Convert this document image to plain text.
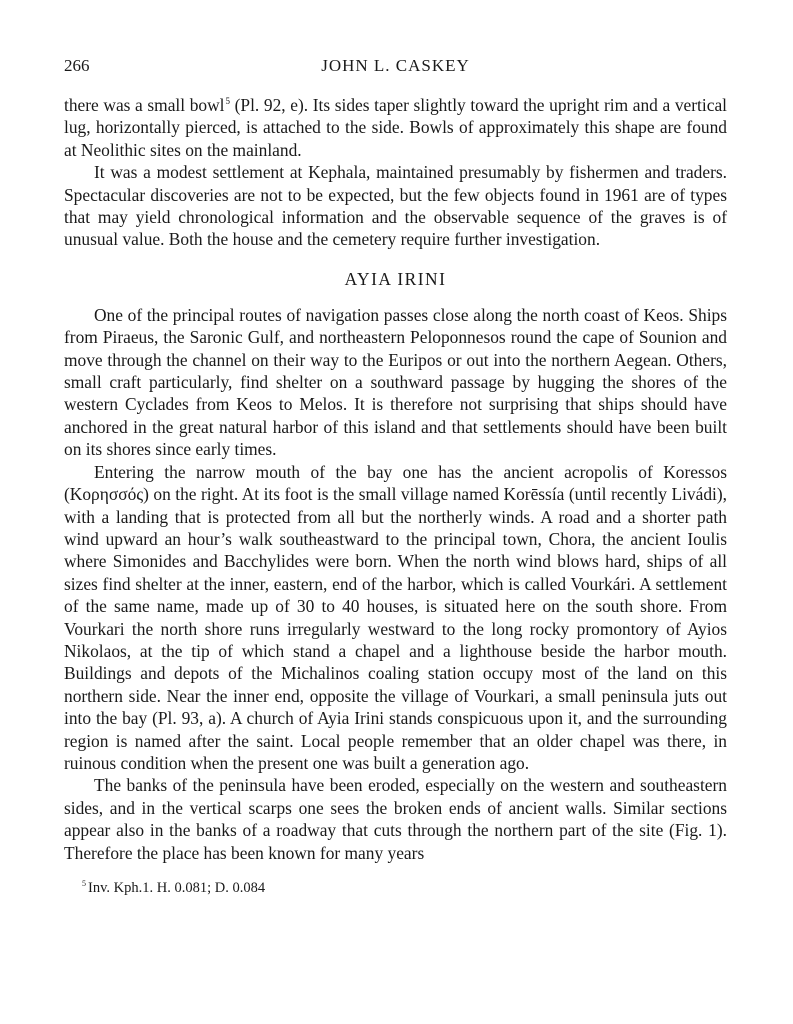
266	JOHN L. CASKEY

there was a small bowl$^5$ (Pl. 92, e). Its sides taper slightly toward the upright rim and a vertical lug, horizontally pierced, is attached to the side. Bowls of approximately this shape are found at Neolithic sites on the mainland.

It was a modest settlement at Kephala, maintained presumably by fishermen and traders. Spectacular discoveries are not to be expected, but the few objects found in 1961 are of types that may yield chronological information and the observable sequence of the graves is of unusual value. Both the house and the cemetery require further investigation.

AYIA IRINI

One of the principal routes of navigation passes close along the north coast of Keos. Ships from Piraeus, the Saronic Gulf, and northeastern Peloponnesos round the cape of Sounion and move through the channel on their way to the Euripos or out into the northern Aegean. Others, small craft particularly, find shelter on a southward passage by hugging the shores of the western Cyclades from Keos to Melos. It is therefore not surprising that ships should have anchored in the great natural harbor of this island and that settlements should have been built on its shores since early times.

Entering the narrow mouth of the bay one has the ancient acropolis of Koressos (Κορησσός) on the right. At its foot is the small village named Korēssía (until recently Livádi), with a landing that is protected from all but the northerly winds. A road and a shorter path wind upward an hour’s walk southeastward to the principal town, Chora, the ancient Ioulis where Simonides and Bacchylides were born. When the north wind blows hard, ships of all sizes find shelter at the inner, eastern, end of the harbor, which is called Vourkári. A settlement of the same name, made up of 30 to 40 houses, is situated here on the south shore. From Vourkari the north shore runs irregularly westward to the long rocky promontory of Ayios Nikolaos, at the tip of which stand a chapel and a lighthouse beside the harbor mouth. Buildings and depots of the Michalinos coaling station occupy most of the land on this northern side. Near the inner end, opposite the village of Vourkari, a small peninsula juts out into the bay (Pl. 93, a). A church of Ayia Irini stands conspicuous upon it, and the surrounding region is named after the saint. Local people remember that an older chapel was there, in ruinous condition when the present one was built a generation ago.

The banks of the peninsula have been eroded, especially on the western and southeastern sides, and in the vertical scarps one sees the broken ends of ancient walls. Similar sections appear also in the banks of a roadway that cuts through the northern part of the site (Fig. 1). Therefore the place has been known for many years

$^5$ Inv. Kph.1. H. 0.081; D. 0.084
